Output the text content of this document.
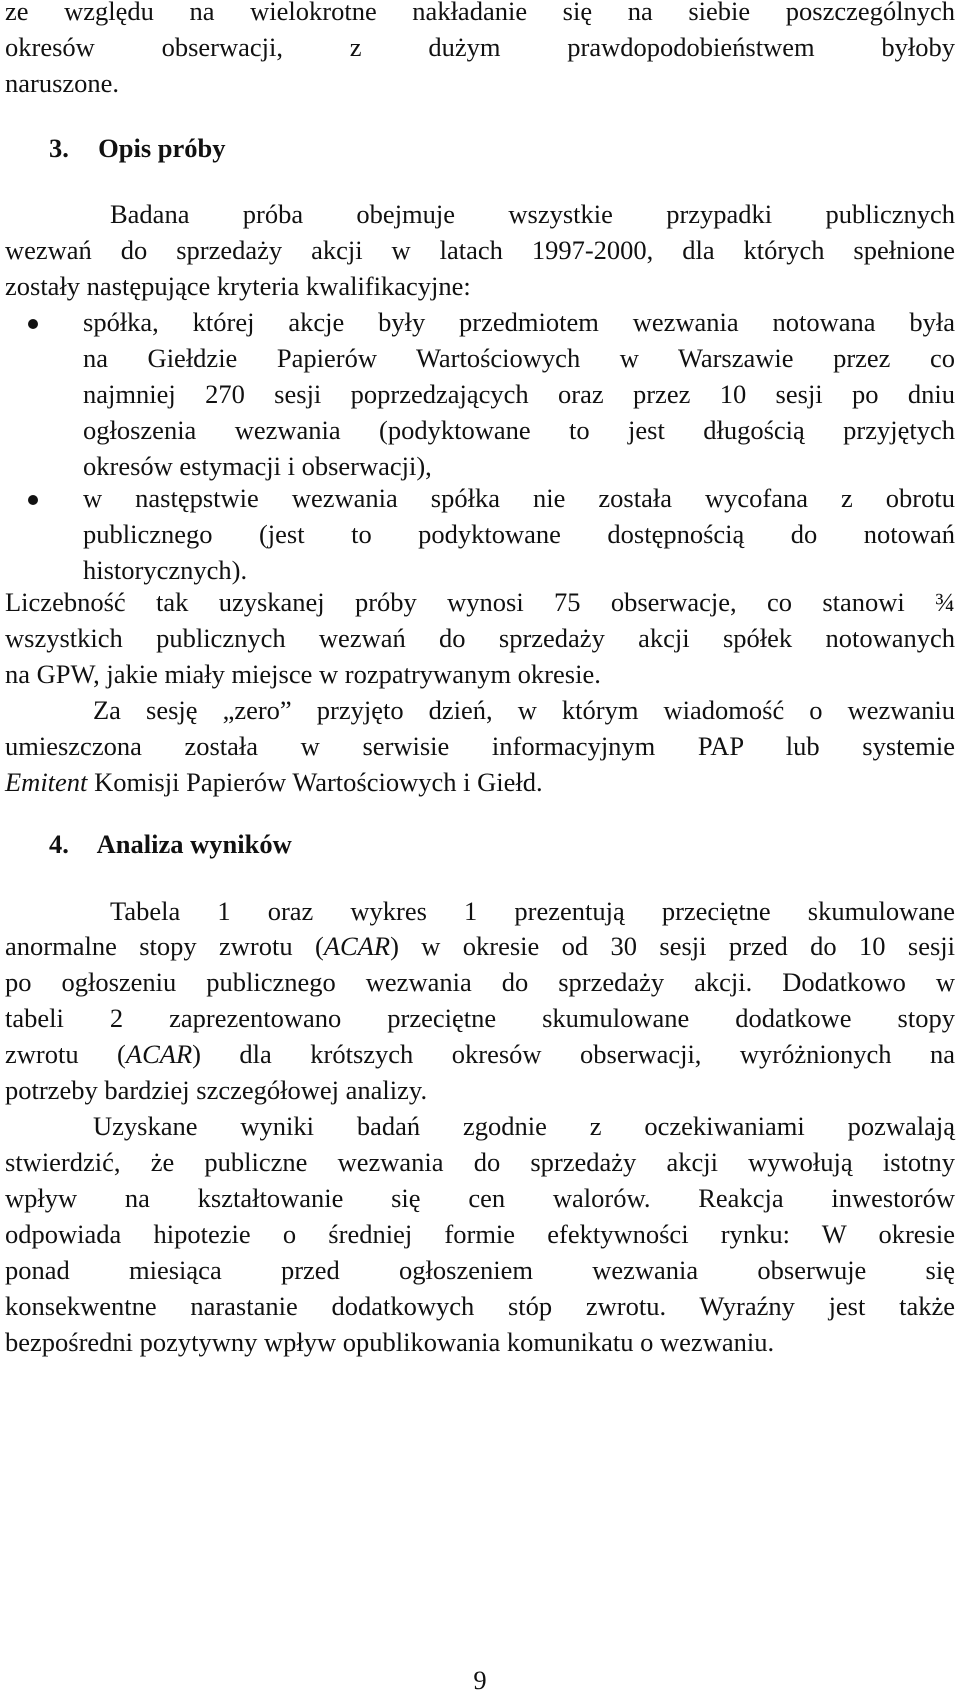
ze względu na wielokrotne nakładanie się na siebie poszczególnych
okresów obserwacji, z dużym prawdopodobieństwem byłoby
naruszone.
3. Opis próby
Badana próba obejmuje wszystkie przypadki publicznych
wezwań do sprzedaży akcji w latach 1997-2000, dla których spełnione
zostały następujące kryteria kwalifikacyjne:
spółka, której akcje były przedmiotem wezwania notowana była
na Giełdzie Papierów Wartościowych w Warszawie przez co
najmniej 270 sesji poprzedzających oraz przez 10 sesji po dniu
ogłoszenia wezwania (podyktowane to jest długością przyjętych
okresów estymacji i obserwacji),
w następstwie wezwania spółka nie została wycofana z obrotu
publicznego (jest to podyktowane dostępnością do notowań
historycznych).
Liczebność tak uzyskanej próby wynosi 75 obserwacje, co stanowi ¾
wszystkich publicznych wezwań do sprzedaży akcji spółek notowanych
na GPW, jakie miały miejsce w rozpatrywanym okresie.
Za sesję „zero” przyjęto dzień, w którym wiadomość o wezwaniu
umieszczona została w serwisie informacyjnym PAP lub systemie
Emitent Komisji Papierów Wartościowych i Giełd.
4. Analiza wyników
Tabela 1 oraz wykres 1 prezentują przeciętne skumulowane
anormalne stopy zwrotu (ACAR) w okresie od 30 sesji przed do 10 sesji
po ogłoszeniu publicznego wezwania do sprzedaży akcji. Dodatkowo w
tabeli 2 zaprezentowano przeciętne skumulowane dodatkowe stopy
zwrotu (ACAR) dla krótszych okresów obserwacji, wyróżnionych na
potrzeby bardziej szczegółowej analizy.
Uzyskane wyniki badań zgodnie z oczekiwaniami pozwalają
stwierdzić, że publiczne wezwania do sprzedaży akcji wywołują istotny
wpływ na kształtowanie się cen walorów. Reakcja inwestorów
odpowiada hipotezie o średniej formie efektywności rynku: W okresie
ponad miesiąca przed ogłoszeniem wezwania obserwuje się
konsekwentne narastanie dodatkowych stóp zwrotu. Wyraźny jest także
bezpośredni pozytywny wpływ opublikowania komunikatu o wezwaniu.
9
